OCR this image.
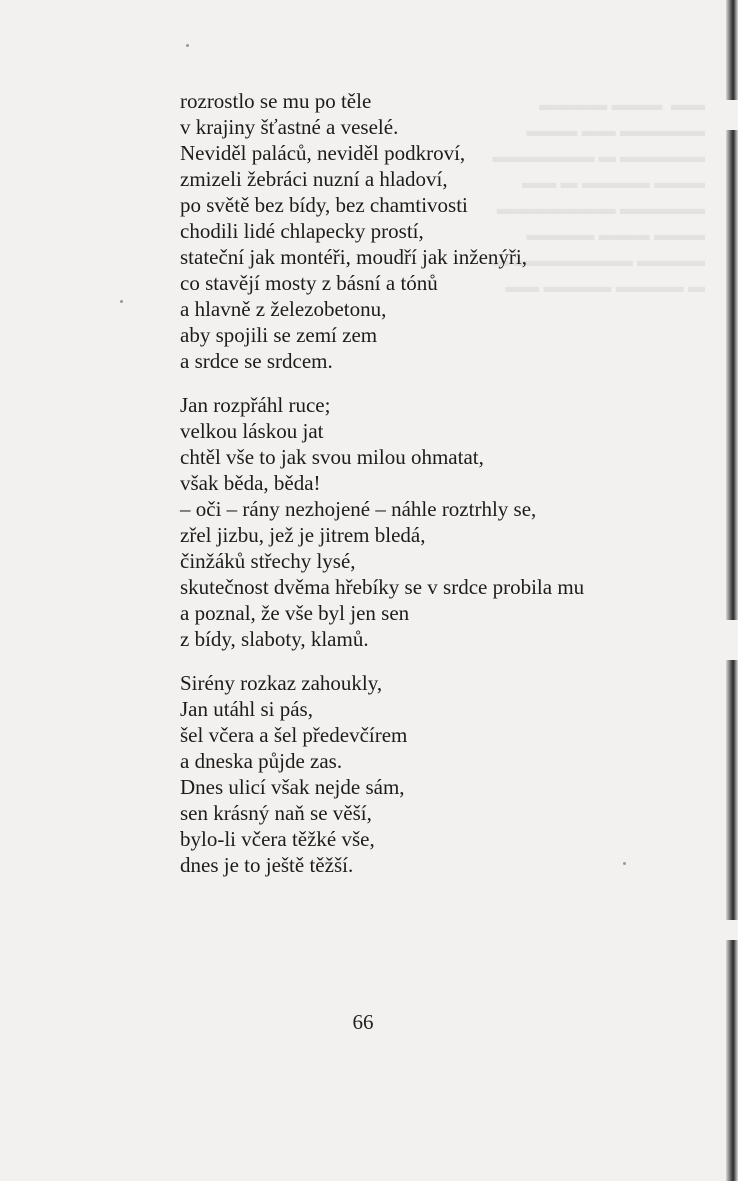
▬▬  ▬▬▬ ▬▬▬▬
▬▬▬▬▬ ▬▬ ▬▬▬
▬▬▬▬▬ ▬ ▬▬▬▬▬▬
▬▬▬ ▬▬▬▬ ▬ ▬▬
▬▬▬▬▬ ▬▬▬▬▬▬▬
▬▬▬ ▬▬▬ ▬▬▬▬
▬▬▬▬ ▬▬▬▬▬▬▬ ▬
▬ ▬▬▬▬ ▬▬▬▬ ▬▬
rozrostlo se mu po těle
v krajiny šťastné a veselé.
Neviděl paláců, neviděl podkroví,
zmizeli žebráci nuzní a hladoví,
po světě bez bídy, bez chamtivosti
chodili lidé chlapecky prostí,
stateční jak montéři, moudří jak inženýři,
co stavějí mosty z básní a tónů
a hlavně z železobetonu,
aby spojili se zemí zem
a srdce se srdcem.
Jan rozpřáhl ruce;
velkou láskou jat
chtěl vše to jak svou milou ohmatat,
však běda, běda!
– oči – rány nezhojené – náhle roztrhly se,
zřel jizbu, jež je jitrem bledá,
činžáků střechy lysé,
skutečnost dvěma hřebíky se v srdce probila mu
a poznal, že vše byl jen sen
z bídy, slaboty, klamů.
Sirény rozkaz zahoukly,
Jan utáhl si pás,
šel včera a šel předevčírem
a dneska půjde zas.
Dnes ulicí však nejde sám,
sen krásný naň se věší,
bylo-li včera těžké vše,
dnes je to ještě těžší.
66
